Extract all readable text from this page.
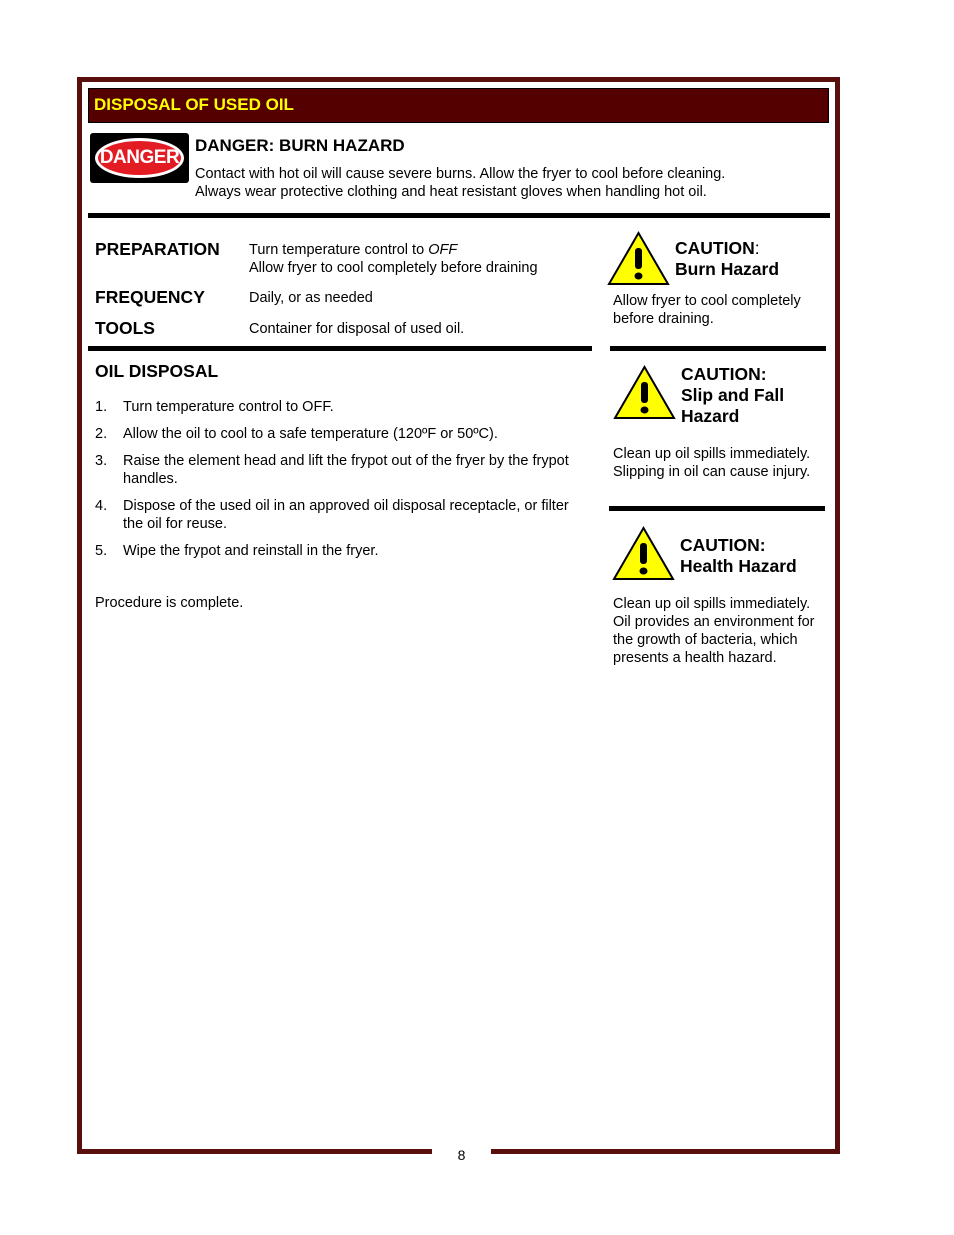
8
DISPOSAL OF USED OIL
DANGER
DANGER: BURN HAZARD
Contact with hot oil will cause severe burns. Allow the fryer to cool before cleaning.
Always wear protective clothing and heat resistant gloves when handling hot oil.
PREPARATION Turn temperature control to OFF
Allow fryer to cool completely before draining
FREQUENCY	Daily, or as needed
TOOLS	Container for disposal of used oil.
OIL DISPOSAL
1. Turn temperature control to OFF.
2. Allow the oil to cool to a safe temperature (120ºF or 50ºC).
3. Raise the element head and lift the frypot out of the fryer by the frypot handles.
4. Dispose of the used oil in an approved oil disposal receptacle, or filter the oil for reuse.
5. Wipe the frypot and reinstall in the fryer.
Procedure is complete.
CAUTION:
Burn Hazard
Allow fryer to cool completely before draining.
CAUTION:
Slip and Fall
Hazard
Clean up oil spills immediately. Slipping in oil can cause injury.
CAUTION:
Health Hazard
Clean up oil spills immediately. Oil provides an environment for the growth of bacteria, which presents a health hazard.
